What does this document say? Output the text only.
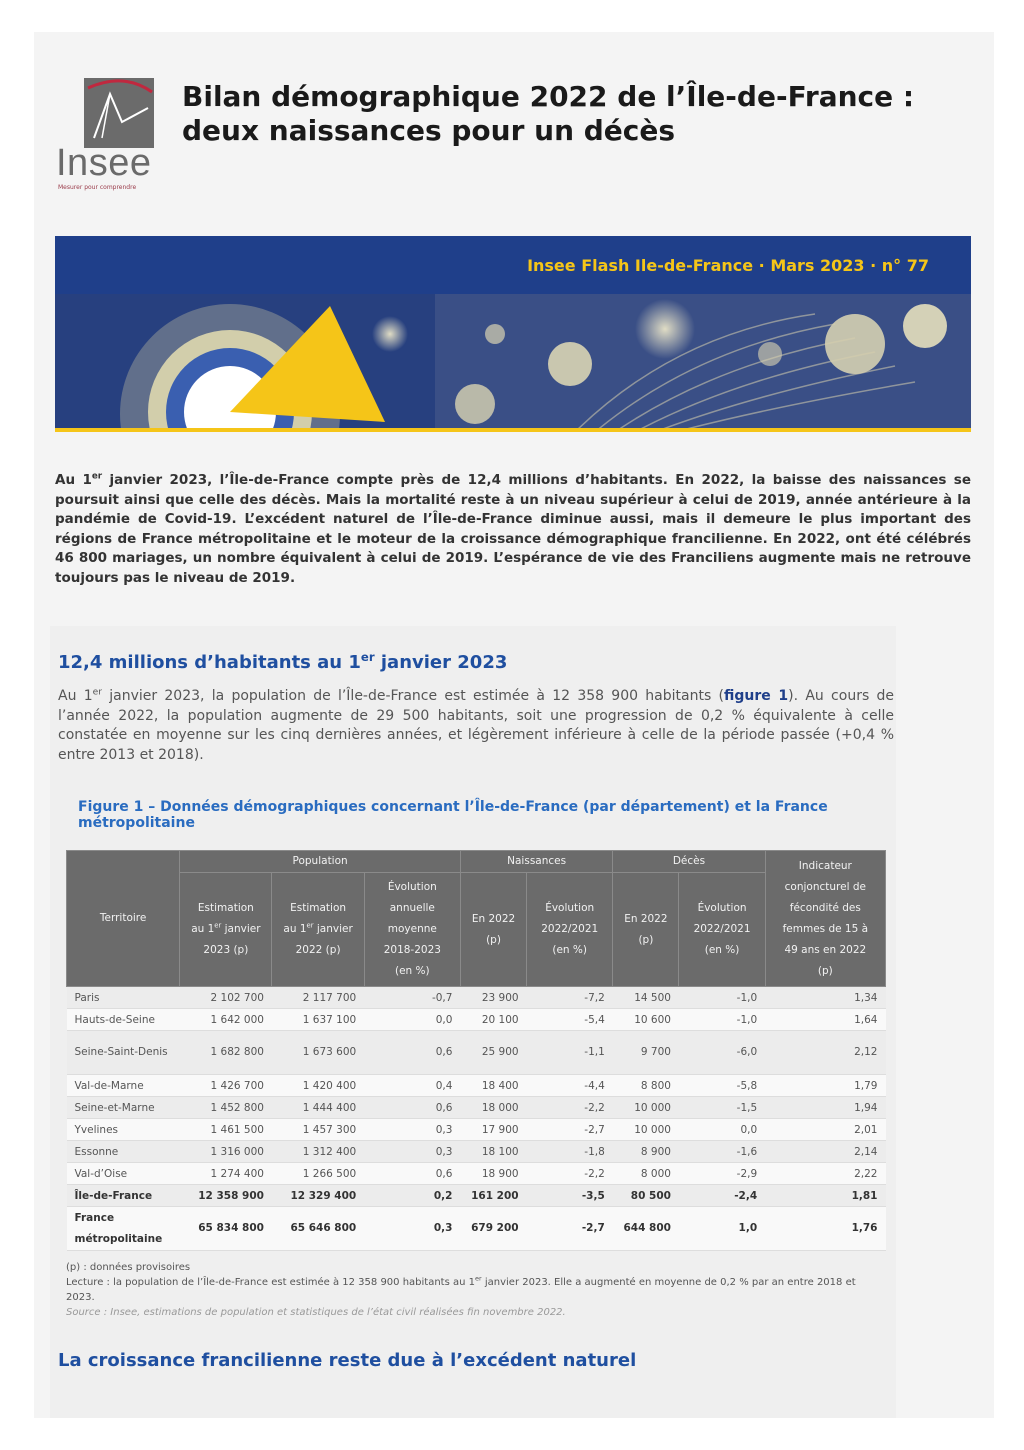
Insee
Mesurer pour comprendre
Bilan démographique 2022 de l’Île-de-France : deux naissances pour un décès
Insee Flash Ile-de-France · Mars 2023 · n° 77

Au 1er janvier 2023, l’Île-de-France compte près de 12,4 millions d’habitants. En 2022, la baisse des naissances se poursuit ainsi que celle des décès. Mais la mortalité reste à un niveau supérieur à celui de 2019, année antérieure à la pandémie de Covid-19. L’excédent naturel de l’Île-de-France diminue aussi, mais il demeure le plus important des régions de France métropolitaine et le moteur de la croissance démographique francilienne. En 2022, ont été célébrés 46 800 mariages, un nombre équivalent à celui de 2019. L’espérance de vie des Franciliens augmente mais ne retrouve toujours pas le niveau de 2019.

12,4 millions d’habitants au 1er janvier 2023

Au 1er janvier 2023, la population de l’Île-de-France est estimée à 12 358 900 habitants (figure 1). Au cours de l’année 2022, la population augmente de 29 500 habitants, soit une progression de 0,2 % équivalente à celle constatée en moyenne sur les cinq dernières années, et légèrement inférieure à celle de la période passée (+0,4 % entre 2013 et 2018).

Figure 1 – Données démographiques concernant l’Île-de-France (par département) et la France métropolitaine
Territoire	Population			Naissances		Décès		Indicateur conjoncturel de fécondité des femmes de 15 à 49 ans en 2022 (p)
	Estimation au 1er janvier 2023 (p)	Estimation au 1er janvier 2022 (p)	Évolution annuelle moyenne 2018-2023 (en %)	En 2022 (p)	Évolution 2022/2021 (en %)	En 2022 (p)	Évolution 2022/2021 (en %)	
Paris	2 102 700	2 117 700	-0,7	23 900	-7,2	14 500	-1,0	1,34
Hauts-de-Seine	1 642 000	1 637 100	0,0	20 100	-5,4	10 600	-1,0	1,64
Seine-Saint-Denis	1 682 800	1 673 600	0,6	25 900	-1,1	9 700	-6,0	2,12
Val-de-Marne	1 426 700	1 420 400	0,4	18 400	-4,4	8 800	-5,8	1,79
Seine-et-Marne	1 452 800	1 444 400	0,6	18 000	-2,2	10 000	-1,5	1,94
Yvelines	1 461 500	1 457 300	0,3	17 900	-2,7	10 000	0,0	2,01
Essonne	1 316 000	1 312 400	0,3	18 100	-1,8	8 900	-1,6	2,14
Val-d’Oise	1 274 400	1 266 500	0,6	18 900	-2,2	8 000	-2,9	2,22
Île-de-France	12 358 900	12 329 400	0,2	161 200	-3,5	80 500	-2,4	1,81
France métropolitaine	65 834 800	65 646 800	0,3	679 200	-2,7	644 800	1,0	1,76
(p) : données provisoires
Lecture : la population de l’Île-de-France est estimée à 12 358 900 habitants au 1er janvier 2023. Elle a augmenté en moyenne de 0,2 % par an entre 2018 et 2023.
Source : Insee, estimations de population et statistiques de l’état civil réalisées fin novembre 2022.
La croissance francilienne reste due à l’excédent naturel
